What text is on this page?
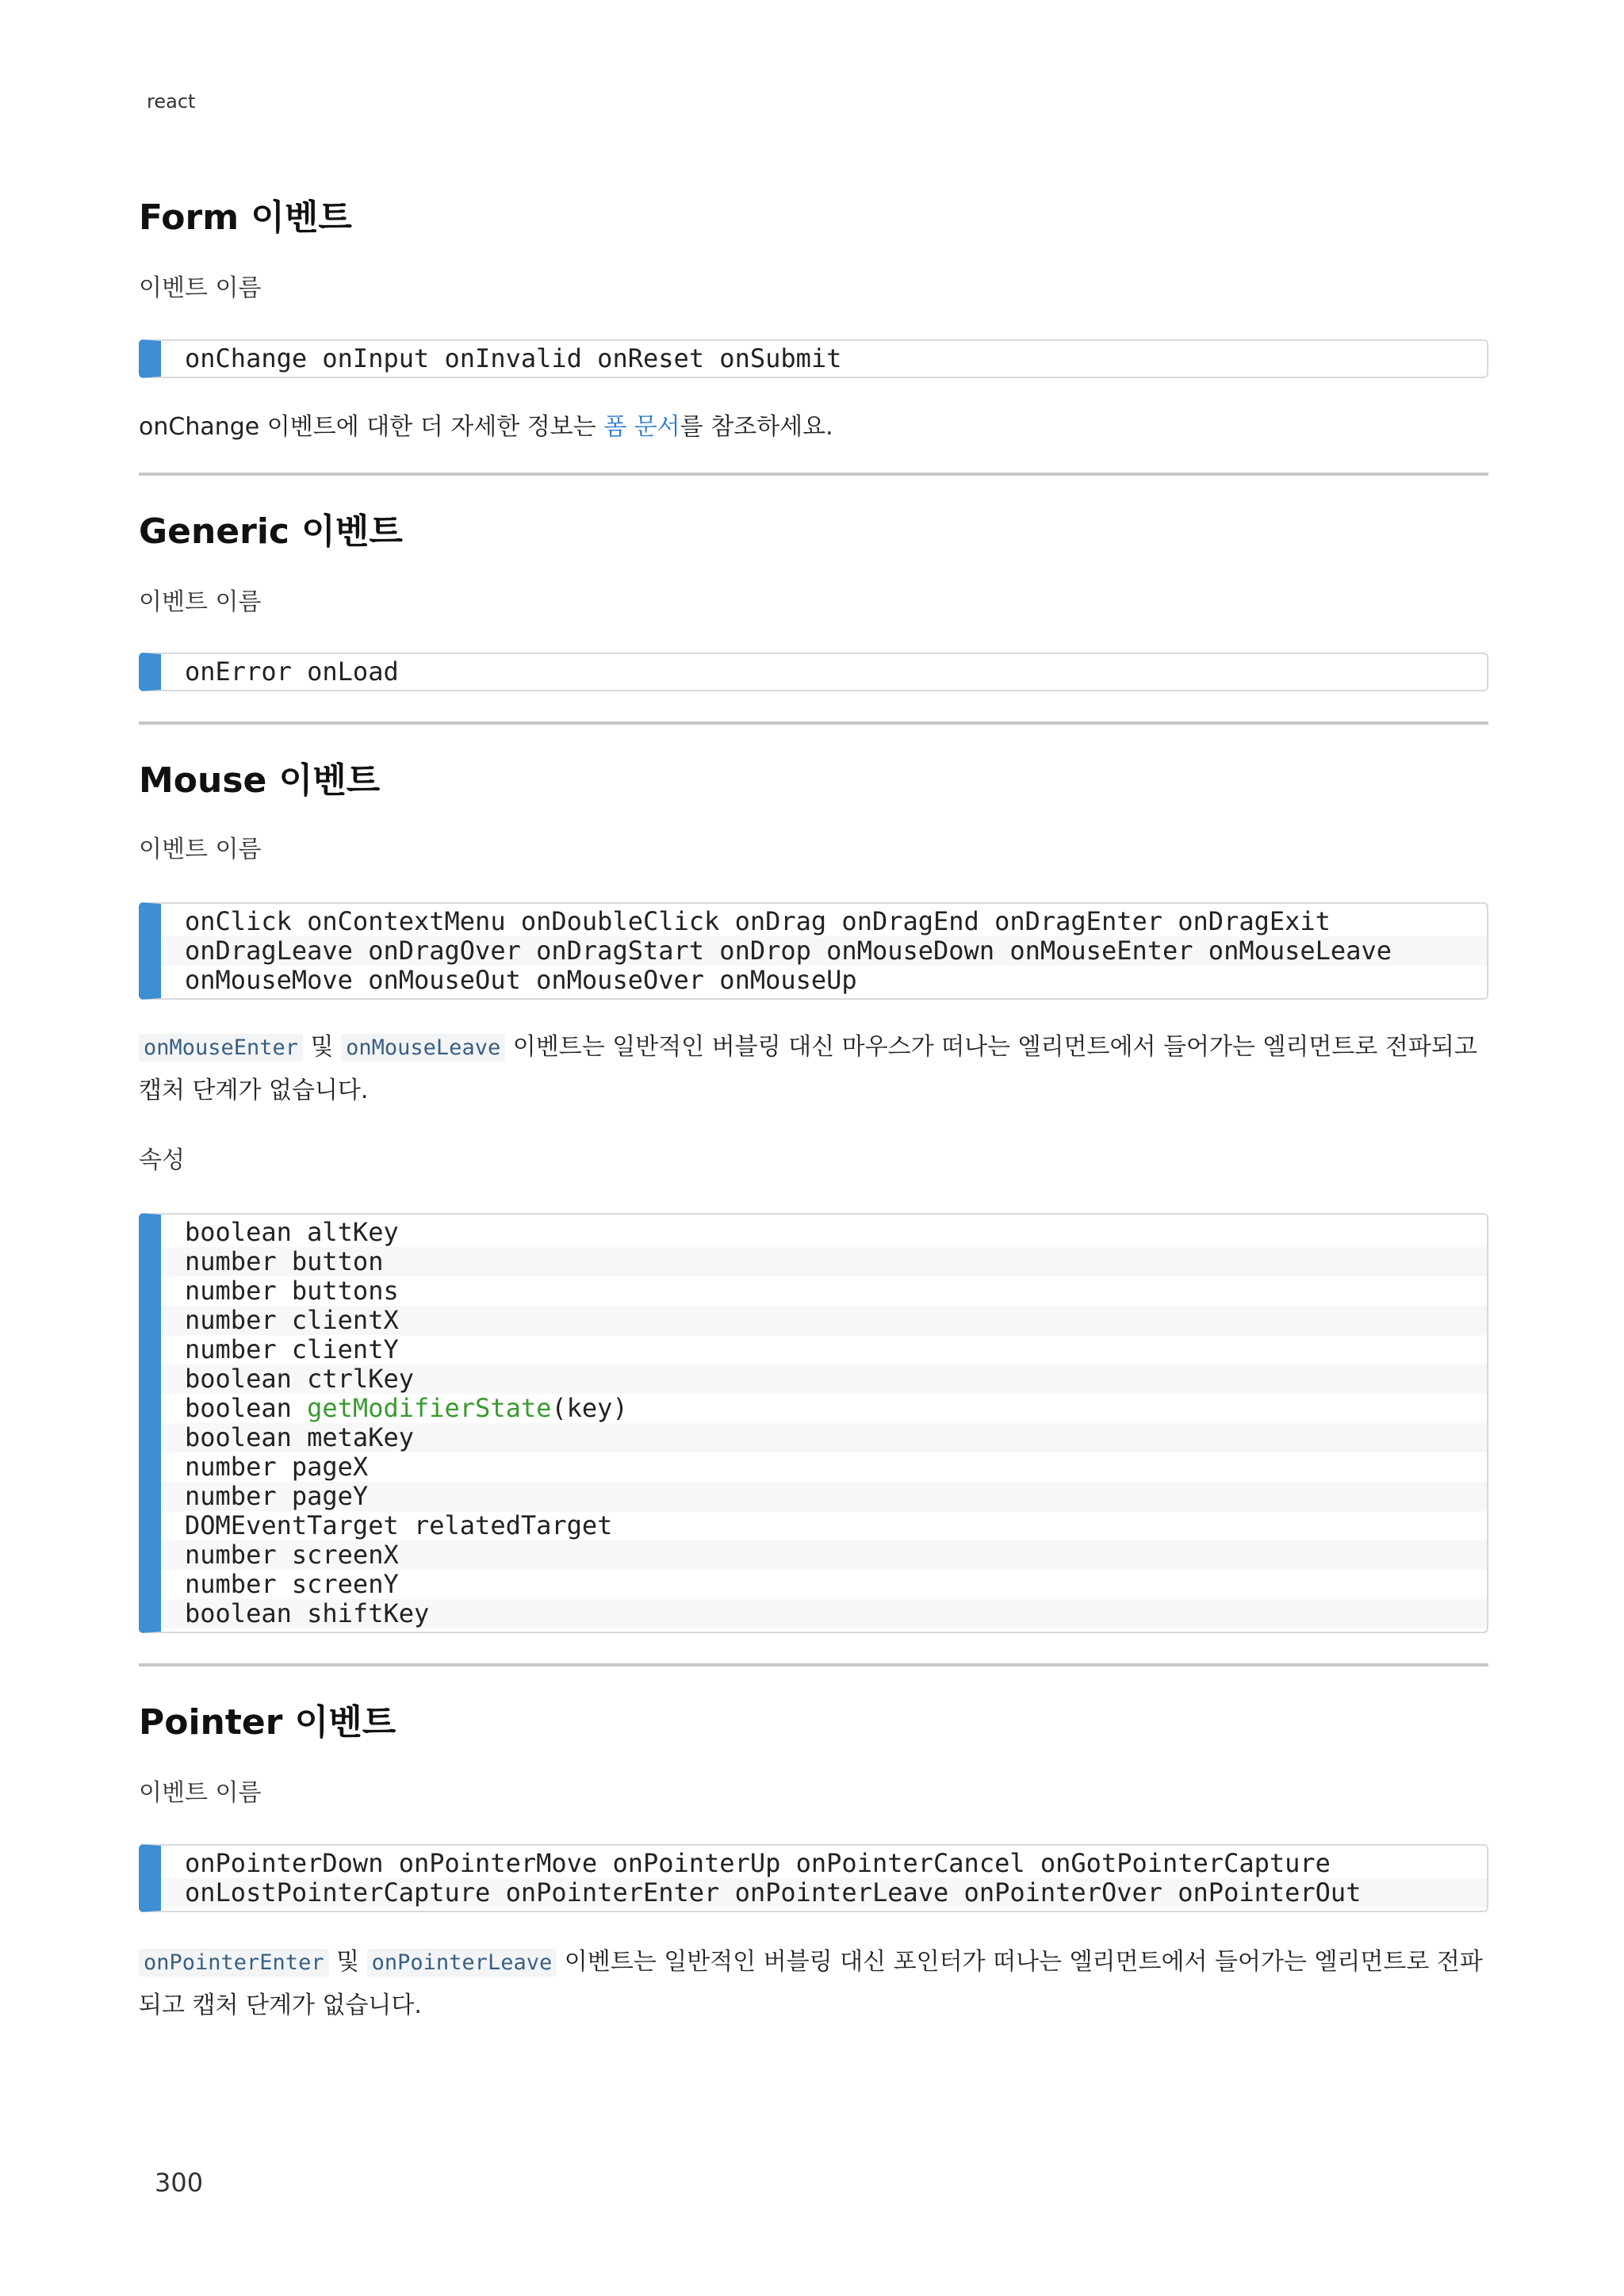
react
Form 이벤트

이벤트 이름

onChange onInput onInvalid onReset onSubmit

onChange 이벤트에 대한 더 자세한 정보는 폼 문서를 참조하세요.

Generic 이벤트

이벤트 이름

onError onLoad
Mouse 이벤트

이벤트 이름

onClick onContextMenu onDoubleClick onDrag onDragEnd onDragEnter onDragExit
onDragLeave onDragOver onDragStart onDrop onMouseDown onMouseEnter onMouseLeave
onMouseMove onMouseOut onMouseOver onMouseUp

onMouseEnter 및 onMouseLeave 이벤트는 일반적인 버블링 대신 마우스가 떠나는 엘리먼트에서 들어가는 엘리먼트로 전파되고 캡처 단계가 없습니다.

속성

boolean altKey
number button
number buttons
number clientX
number clientY
boolean ctrlKey
boolean getModifierState(key)
boolean metaKey
number pageX
number pageY
DOMEventTarget relatedTarget
number screenX
number screenY
boolean shiftKey
Pointer 이벤트

이벤트 이름

onPointerDown onPointerMove onPointerUp onPointerCancel onGotPointerCapture
onLostPointerCapture onPointerEnter onPointerLeave onPointerOver onPointerOut

onPointerEnter 및 onPointerLeave 이벤트는 일반적인 버블링 대신 포인터가 떠나는 엘리먼트에서 들어가는 엘리먼트로 전파되고 캡처 단계가 없습니다.

300
